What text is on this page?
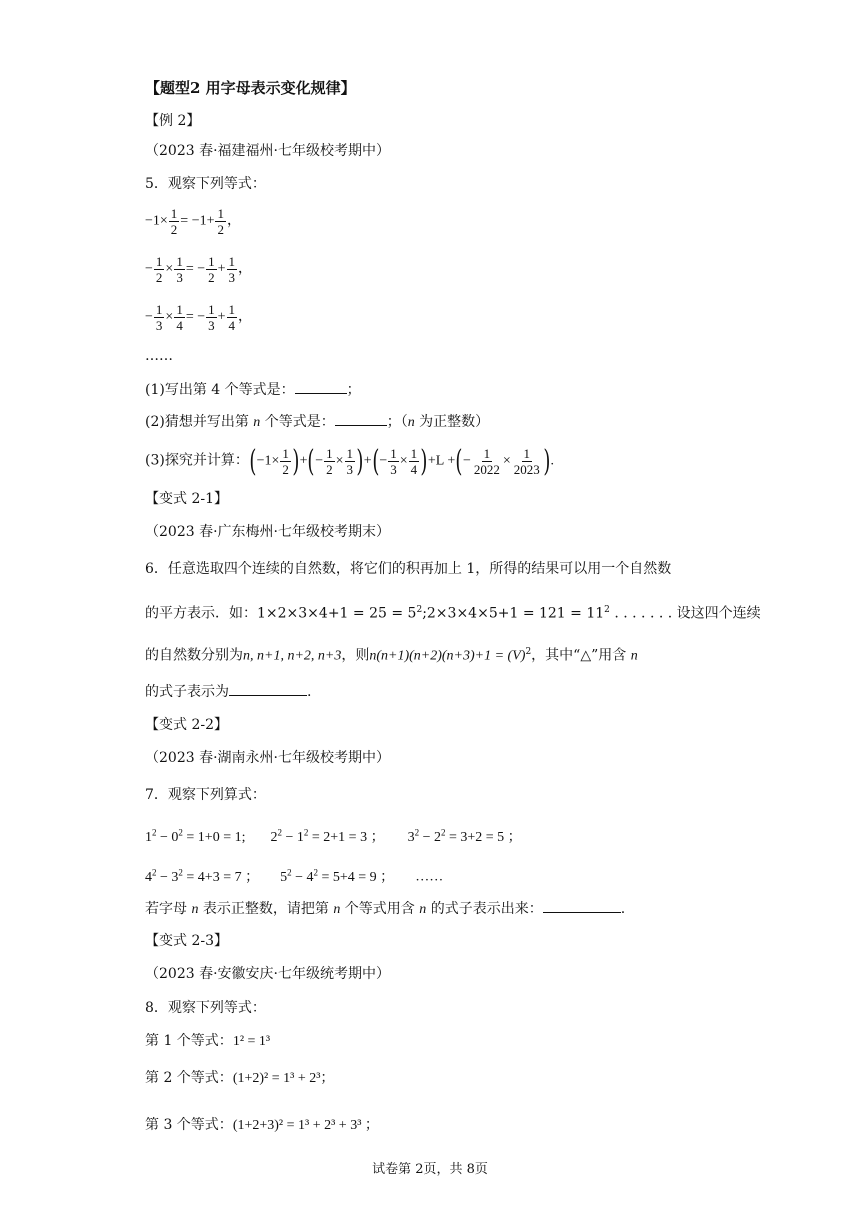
【题型2 用字母表示变化规律】
【例 2】
（2023 春·福建福州·七年级校考期中）
5．观察下列等式：
$-1\times \frac{1}{2} = -1+ \frac{1}{2}$ ，
− $\frac{1}{2} \times \frac{1}{3}$ = − $\frac{1}{2} + \frac{1}{3}$ ，
− $\frac{1}{3} \times \frac{1}{4}$ = − $\frac{1}{3} + \frac{1}{4}$ ，
……
(1)写出第 4 个等式是：	；
(2)猜想并写出第 n 个等式是：	；（n 为正整数）
(3)探究并计算：($-1\times \frac{1}{2}$ )+(− $\frac{1}{2} \times \frac{1}{3}$ )+(− $\frac{1}{3} \times \frac{1}{4} )+L$ +(− $\frac{1}{2022} \times \frac{1}{2023}$ ).
【变式 2-1】
（2023 春·广东梅州·七年级校考期末）
6．任意选取四个连续的自然数，将它们的积再加上 1，所得的结果可以用一个自然数
的平方表示．如：$1\times 2\times 3\times 4+1 = 25 = 5^2;2\times 3\times 4\times 5+1 = 121 = 11^2$ . . . . . . . 设这四个连续
的自然数分别为n, n+1, n+2, n+3，则$n(n+1)(n+2)(n+3)+1 = (V)^2$，其中“△”用含 n
的式子表示为	.
【变式 2-2】
（2023 春·湖南永州·七年级校考期中）
7．观察下列算式：
$1^2 - 0^2 = 1+0 = 1$; $2^2 - 1^2 = 2+1 = 3$ ； $3^2 - 2^2 = 3+2 = 5$ ；
$4^2 - 3^2 = 4+3 = 7$ ； $5^2 - 4^2 = 5+4 = 9$ ； ……
若字母 n 表示正整数，请把第 n 个等式用含 n 的式子表示出来：	.
【变式 2-3】
（2023 春·安徽安庆·七年级统考期中）
8．观察下列等式：
第 1 个等式：1² = 1³
第 2 个等式：(1+2)² = 1³ + 2³；
第 3 个等式：(1+2+3)² = 1³ + 2³ + 3³ ；
试卷第 2页，共 8页
